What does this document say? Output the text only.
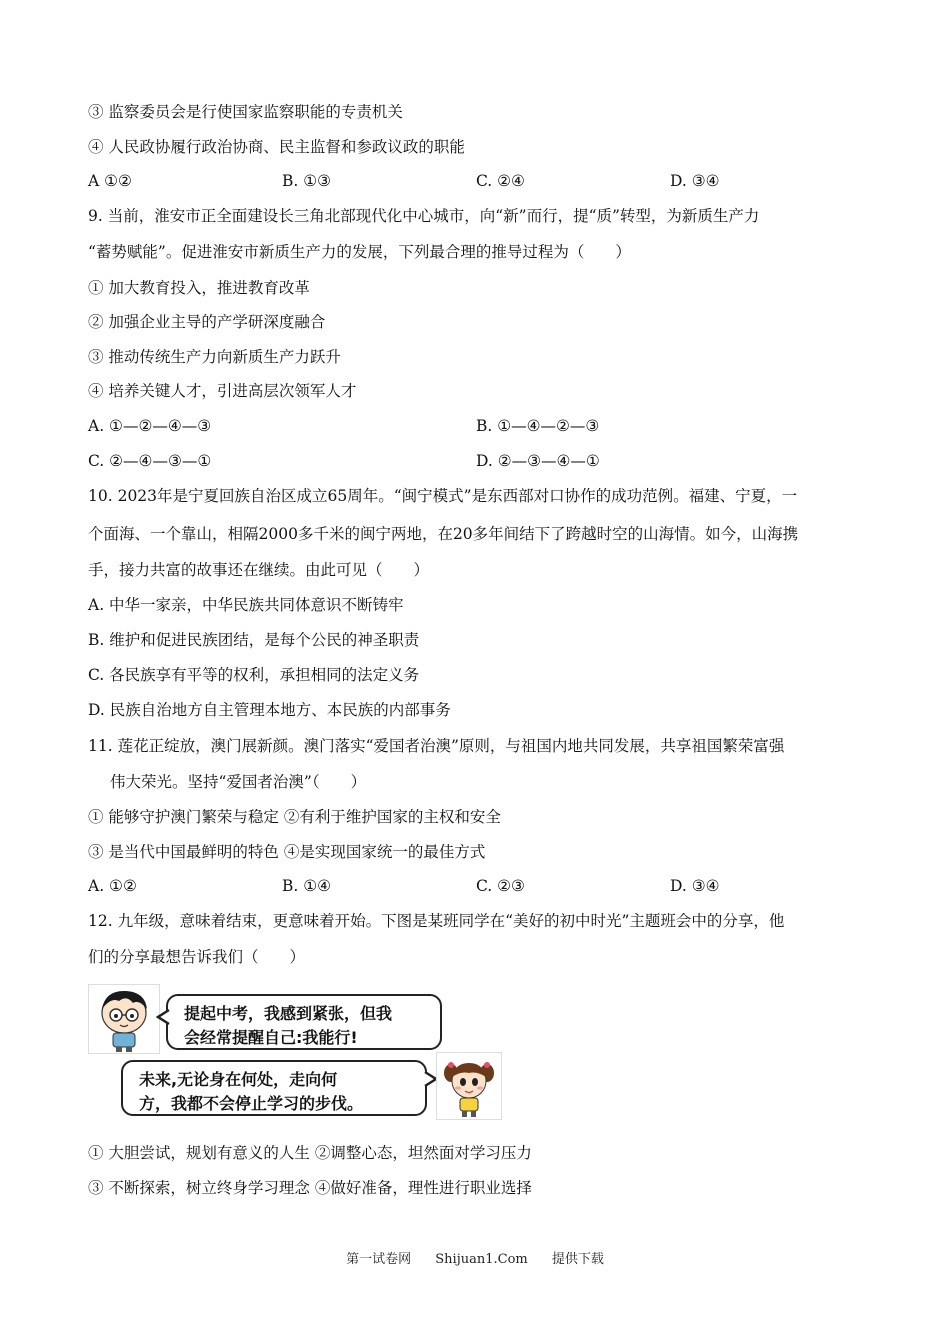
③ 监察委员会是行使国家监察职能的专责机关
④ 人民政协履行政治协商、民主监督和参政议政的职能
A ①②	B. ①③	C. ②④	D. ③④
9. 当前，淮安市正全面建设长三角北部现代化中心城市，向“新”而行，提“质”转型，为新质生产力
“蓄势赋能”。促进淮安市新质生产力的发展，下列最合理的推导过程为（　　）
① 加大教育投入，推进教育改革
② 加强企业主导的产学研深度融合
③ 推动传统生产力向新质生产力跃升
④ 培养关键人才，引进高层次领军人才
A. ①—②—④—③	B. ①—④—②—③
C. ②—④—③—①	D. ②—③—④—①
10. 2023年是宁夏回族自治区成立65周年。“闽宁模式”是东西部对口协作的成功范例。福建、宁夏，一
个面海、一个靠山，相隔2000多千米的闽宁两地，在20多年间结下了跨越时空的山海情。如今，山海携
手，接力共富的故事还在继续。由此可见（　　）
A. 中华一家亲，中华民族共同体意识不断铸牢
B. 维护和促进民族团结，是每个公民的神圣职责
C. 各民族享有平等的权利，承担相同的法定义务
D. 民族自治地方自主管理本地方、本民族的内部事务
11. 莲花正绽放，澳门展新颜。澳门落实“爱国者治澳”原则，与祖国内地共同发展，共享祖国繁荣富强
伟大荣光。坚持“爱国者治澳”（　　）
① 能够守护澳门繁荣与稳定 ②有利于维护国家的主权和安全
③ 是当代中国最鲜明的特色 ④是实现国家统一的最佳方式
A. ①②	B. ①④	C. ②③	D. ③④
12. 九年级，意味着结束，更意味着开始。下图是某班同学在“美好的初中时光”主题班会中的分享，他
们的分享最想告诉我们（　　）
提起中考，我感到紧张，但我
会经常提醒自己:我能行!
未来,无论身在何处，走向何
方，我都不会停止学习的步伐。
① 大胆尝试，规划有意义的人生 ②调整心态，坦然面对学习压力
③ 不断探索，树立终身学习理念 ④做好准备，理性进行职业选择
第一试卷网 Shijuan1.Com 提供下载
